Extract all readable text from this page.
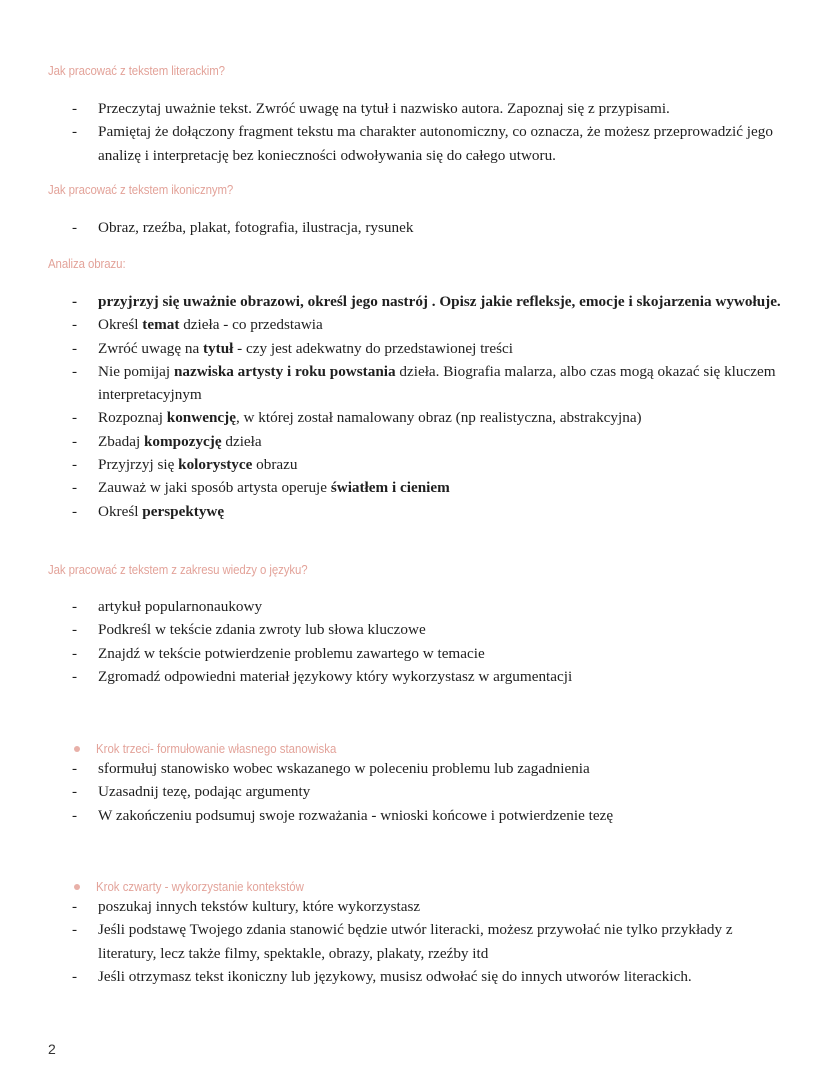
Jak pracować z tekstem literackim?
-	Przeczytaj uważnie tekst. Zwróć uwagę na tytuł i nazwisko autora. Zapoznaj się z przypisami.
-	Pamiętaj że dołączony fragment tekstu ma charakter autonomiczny, co oznacza, że możesz przeprowadzić jego analizę i interpretację bez konieczności odwoływania się do całego utworu.
Jak pracować z tekstem ikonicznym?
-	Obraz, rzeźba, plakat, fotografia, ilustracja, rysunek
Analiza obrazu:
-	przyjrzyj się uważnie obrazowi, określ jego nastrój . Opisz jakie refleksje, emocje i skojarzenia wywołuje.
-	Określ temat dzieła - co przedstawia
-	Zwróć uwagę na tytuł - czy jest adekwatny do przedstawionej treści
-	Nie pomijaj nazwiska artysty i roku powstania dzieła. Biografia malarza, albo czas mogą okazać się kluczem interpretacyjnym
-	Rozpoznaj konwencję, w której został namalowany obraz (np realistyczna, abstrakcyjna)
-	Zbadaj kompozycję dzieła
-	Przyjrzyj się kolorystyce obrazu
-	Zauważ w jaki sposób artysta operuje światłem i cieniem
-	Określ perspektywę
Jak pracować z tekstem z zakresu wiedzy o języku?
-	artykuł popularnonaukowy
-	Podkreśl w tekście zdania zwroty lub słowa kluczowe
-	Znajdź w tekście potwierdzenie problemu zawartego w temacie
-	Zgromadź odpowiedni materiał językowy który wykorzystasz w argumentacji
Krok trzeci- formułowanie własnego stanowiska
-	sformułuj stanowisko wobec wskazanego w poleceniu problemu lub zagadnienia
-	Uzasadnij tezę, podając argumenty
-	W zakończeniu podsumuj swoje rozważania - wnioski końcowe i potwierdzenie tezę
Krok czwarty - wykorzystanie kontekstów
-	poszukaj innych tekstów kultury, które wykorzystasz
-	Jeśli podstawę Twojego zdania stanowić będzie utwór literacki, możesz przywołać nie tylko przykłady z literatury, lecz także filmy, spektakle, obrazy, plakaty, rzeźby itd
-	Jeśli otrzymasz tekst ikoniczny lub językowy, musisz odwołać się do innych utworów literackich.
2
